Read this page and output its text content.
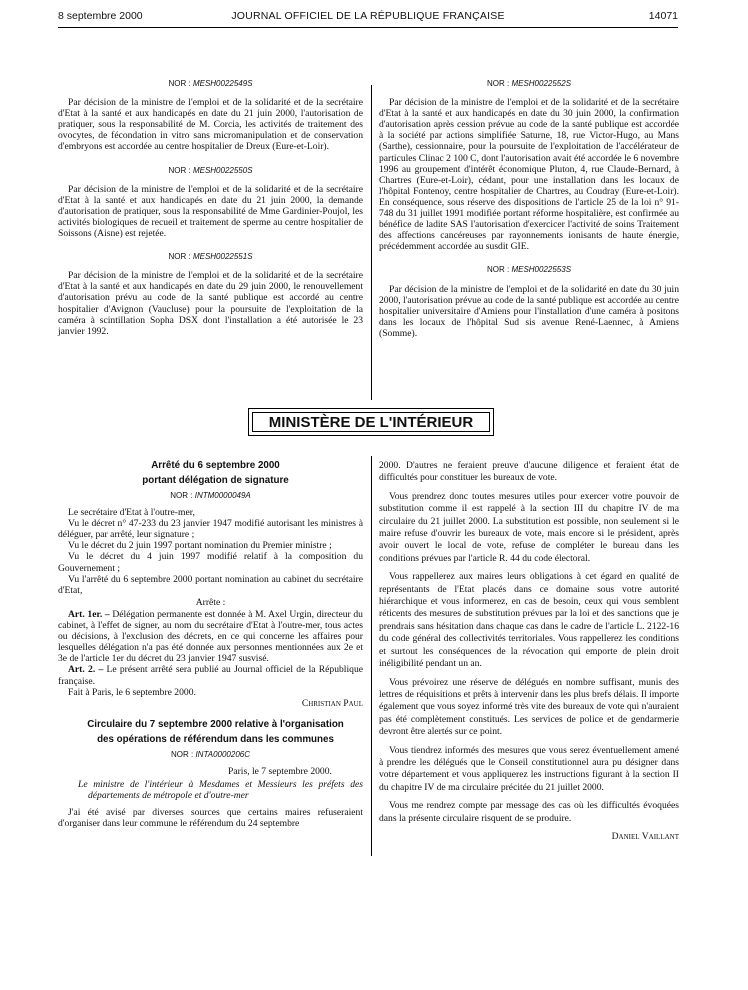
8 septembre 2000	JOURNAL OFFICIEL DE LA RÉPUBLIQUE FRANÇAISE	14071
NOR : MESH0022549S

Par décision de la ministre de l'emploi et de la solidarité et de la secrétaire d'Etat à la santé et aux handicapés en date du 21 juin 2000, l'autorisation de pratiquer, sous la responsabilité de M. Corcia, les activités de traitement des ovocytes, de fécondation in vitro sans micromanipulation et de conservation d'embryons est accordée au centre hospitalier de Dreux (Eure-et-Loir).

NOR : MESH0022550S

Par décision de la ministre de l'emploi et de la solidarité et de la secrétaire d'Etat à la santé et aux handicapés en date du 21 juin 2000, la demande d'autorisation de pratiquer, sous la responsabilité de Mme Gardinier-Poujol, les activités biologiques de recueil et traitement de sperme au centre hospitalier de Soissons (Aisne) est rejetée.

NOR : MESH0022551S

Par décision de la ministre de l'emploi et de la solidarité et de la secrétaire d'Etat à la santé et aux handicapés en date du 29 juin 2000, le renouvellement d'autorisation prévu au code de la santé publique est accordé au centre hospitalier d'Avignon (Vaucluse) pour la poursuite de l'exploitation de la caméra à scintillation Sopha DSX dont l'installation a été autorisée le 23 janvier 1992.

NOR : MESH0022552S

Par décision de la ministre de l'emploi et de la solidarité et de la secrétaire d'Etat à la santé et aux handicapés en date du 30 juin 2000, la confirmation d'autorisation après cession prévue au code de la santé publique est accordée à la société par actions simplifiée Saturne, 18, rue Victor-Hugo, au Mans (Sarthe), cessionnaire, pour la poursuite de l'exploitation de l'accélérateur de particules Clinac 2 100 C, dont l'autorisation avait été accordée le 6 novembre 1996 au groupement d'intérêt économique Pluton, 4, rue Claude-Bernard, à Chartres (Eure-et-Loir), cédant, pour une installation dans les locaux de l'hôpital Fontenoy, centre hospitalier de Chartres, au Coudray (Eure-et-Loir). En conséquence, sous réserve des dispositions de l'article 25 de la loi n° 91-748 du 31 juillet 1991 modifiée portant réforme hospitalière, est confirmée au bénéfice de ladite SAS l'autorisation d'exercicer l'activité de soins Traitement des affections cancéreuses par rayonnements ionisants de haute énergie, précédemment accordée au susdit GIE.

NOR : MESH0022553S

Par décision de la ministre de l'emploi et de la solidarité en date du 30 juin 2000, l'autorisation prévue au code de la santé publique est accordée au centre hospitalier universitaire d'Amiens pour l'installation d'une caméra à positons dans les locaux de l'hôpital Sud sis avenue René-Laennec, à Amiens (Somme).

MINISTÈRE DE L'INTÉRIEUR

Arrêté du 6 septembre 2000

portant délégation de signature

NOR : INTM0000049A

Le secrétaire d'Etat à l'outre-mer,

Vu le décret n° 47-233 du 23 janvier 1947 modifié autorisant les ministres à déléguer, par arrêté, leur signature ;

Vu le décret du 2 juin 1997 portant nomination du Premier ministre ;

Vu le décret du 4 juin 1997 modifié relatif à la composition du Gouvernement ;

Vu l'arrêté du 6 septembre 2000 portant nomination au cabinet du secrétaire d'Etat,

Arrête :

Art. 1er. – Délégation permanente est donnée à M. Axel Urgin, directeur du cabinet, à l'effet de signer, au nom du secrétaire d'Etat à l'outre-mer, tous actes ou décisions, à l'exclusion des décrets, en ce qui concerne les affaires pour lesquelles délégation n'a pas été donnée aux personnes mentionnées aux 2e et 3e de l'article 1er du décret du 23 janvier 1947 susvisé.

Art. 2. – Le présent arrêté sera publié au Journal officiel de la République française.

Fait à Paris, le 6 septembre 2000.

Christian Paul

Circulaire du 7 septembre 2000 relative à l'organisation

des opérations de référendum dans les communes

NOR : INTA0000206C

Paris, le 7 septembre 2000.

Le ministre de l'intérieur à Mesdames et Messieurs les préfets des départements de métropole et d'outre-mer

J'ai été avisé par diverses sources que certains maires refuseraient d'organiser dans leur commune le référendum du 24 septembre

2000. D'autres ne feraient preuve d'aucune diligence et feraient état de difficultés pour constituer les bureaux de vote.

Vous prendrez donc toutes mesures utiles pour exercer votre pouvoir de substitution comme il est rappelé à la section III du chapitre IV de ma circulaire du 21 juillet 2000. La substitution est possible, non seulement si le maire refuse d'ouvrir les bureaux de vote, mais encore si le président, après avoir ouvert le local de vote, refuse de compléter le bureau dans les conditions prévues par l'article R. 44 du code électoral.

Vous rappellerez aux maires leurs obligations à cet égard en qualité de représentants de l'Etat placés dans ce domaine sous votre autorité hiérarchique et vous informerez, en cas de besoin, ceux qui vous semblent réticents des mesures de substitution prévues par la loi et des sanctions que je prendrais sans hésitation dans chaque cas dans le cadre de l'article L. 2122-16 du code général des collectivités territoriales. Vous rappellerez les conditions et surtout les conséquences de la révocation qui emporte de plein droit inéligibilité pendant un an.

Vous prévoirez une réserve de délégués en nombre suffisant, munis des lettres de réquisitions et prêts à intervenir dans les plus brefs délais. Il importe également que vous soyez informé très vite des bureaux de vote qui n'auraient pas été complètement constitués. Les services de police et de gendarmerie devront être alertés sur ce point.

Vous tiendrez informés des mesures que vous serez éventuellement amené à prendre les délégués que le Conseil constitutionnel aura pu désigner dans votre département et vous appliquerez les instructions figurant à la section II du chapitre IV de ma circulaire précitée du 21 juillet 2000.

Vous me rendrez compte par message des cas où les difficultés évoquées dans la présente circulaire risquent de se produire.

Daniel Vaillant
